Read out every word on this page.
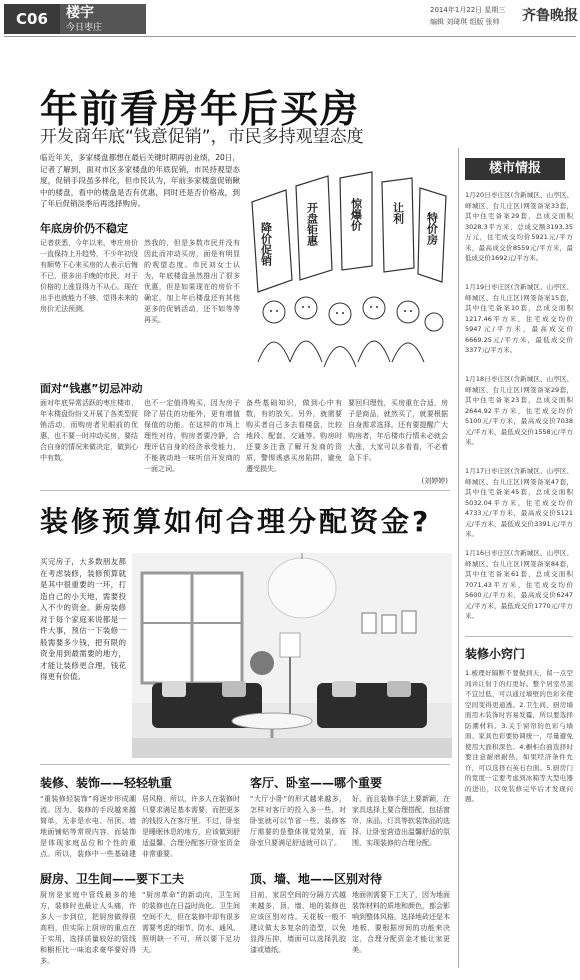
C06	楼宇
今日枣庄
2014年1月22日 星期三
编辑 刘琦琪 组版 张帅 齐鲁晚报
年前看房年后买房
开发商年底“钱意促销”，市民多持观望态度
临近年关，多家楼盘都想在最后关键时期再创业绩，20日，记者了解到，面对市区多家楼盘的年底促销，市民持观望态度，促销手段虽多样化，但市民认为，年前多家楼盘促销瞅中的楼盘，看中的楼盘是否有优惠，同时还是否价格战，到了年后促销淡季后再选择购房。
年底房价仍不稳定
记者获悉，今年以来，枣庄房价一直保持上升趋势，不少年初没有顺势下心来买房的人表示后悔不已，很多出手晚的市民，对于价格的上涨显得力不从心。现在出手也就能力不够，觉得未来的房价无法预测。
然我的，但是多数市民并没有因此而冲动买房，面是有明显的观望态度。市民刘女士认为，年底楼盘虽然推出了很多优惠，但是如果现在的房价不确定，加上年后楼盘还有其他更多的促销活动，还不如等等再买。
降价促销	开盘钜惠	惊爆价	让利 特价房
面对“钱惠”切忌冲动
面对年底异常活跃的枣庄楼市，年末楼盘纷纷又开展了各类型促销活动，而购房者见眼前的优惠，也不要一时冲动买房，要结合自身的情况来做决定，做到心中有数。
也不一定值得购买，因为房子除了居住的功能外，更有增值保值的功能。在这样的市场上理性对待，购房者要冷静，合理评估自身的经济承受能力，不能被动地一味听信开发商的一面之词。
备些基础知识，做到心中有数，有的放矢。另外，就需要购买者自己多去看楼盘，比较地段、配套、交通等。购房时还要多注意了解开发商的资质，警惕诱惑买房陷阱，避免遭受损失。
要回归理性，买房重在合适，房子是商品，就然买了，就要根据自身需求选择。还有要提醒广大购房者，年后楼市行情未必就会大涨，大家可以多看看，不必着急下手。
(刘婷婷)
装修预算如何合理分配资金?
买完房子，大多数朋友都在考虑装修，装修预算就是其中很重要的一环，打造自己的小天地，需要投入不少的资金。新房装修对于每个家庭来说都是一件大事，预估一下装修一般需要多少钱，把有限的资金用到最需要的地方，才能让装修更合理，钱花得更有价值。
装修、装饰——轻轻轨重	客厅、卧室——哪个重要
“重装修轻装饰”将逐步形成潮流。因为，装修的手段越来越简单，无非是水电、吊顶、墙地面铺贴等常规内容，而装饰是体现家庭品位和个性的重点。所以，装修中一些基础建
居风格，所以，许多人在装修时只要求满足基本需要，而把更多的钱投入在客厅里。不过，卧室是睡眠休息的地方，应该做到舒适温馨，合理分配客厅卧室资金非常重要。
“大厅小卧”的形式越来越多，怎样对客厅的投入多一些，对卧室就可以节省一些。装修客厅需要的是整体视觉效果，而卧室只要满足舒适就可以了。
好，而且装修手法上要新颖，在家具选择上要合理搭配，包括窗帘、床品、灯具等软装饰品的选择，让卧室营造出温馨舒适的氛围，实现装修的合理分配。
厨房、卫生间——要下工夫	顶、墙、地——区别对待
厨房是家庭中管线最多的地方，装修时也最让人头痛，许多人一步到位，把厨房做得很高档，但实际上厨房的重点在于实用，选择质量较好的管线和橱柜比一味追求豪华要好得多。
“厨房革命”的新动向，卫生间的装修也在日益时尚化。卫生间空间不大，但在装修中却有很多需要考虑的细节，防水、通风、照明缺一不可，所以要下足功夫。
目前，家居空间的分隔方式越来越多，顶、墙、地的装修也应该区别对待。天花板一般不建议做太多复杂的造型，以免显得压抑，墙面可以选择乳胶漆或墙纸。
地面则需要下工夫了，因为地面装饰材料的质地和颜色，都会影响到整体风格。选择地砖还是木地板，要根据房间的功能来决定，合理分配资金才能让家更美。
楼市情报
1月20日枣庄区(含新城区、山亭区、峄城区、台儿庄区)网签备案33套，其中住宅备案29套，总成交面积3028.3平方米，总成交额3193.35万元，住宅成交均价5921元/平方米，最高成交价8559元/平方米，最低成交价1692元/平方米。
1月19日枣庄区(含新城区、山亭区、峄城区、台儿庄区)网签备案15套，其中住宅备案10套，总成交面积1217.46平方米，住宅成交均价5947元/平方米，最高成交价6669.25元/平方米，最低成交价3377元/平方米。
1月18日枣庄区(含新城区、山亭区、峄城区、台儿庄区)网签备案29套，其中住宅备案23套，总成交面积2644.92平方米，住宅成交均价5100元/平方米，最高成交价7038元/平方米，最低成交价1558元/平方米。
1月17日枣庄区(含新城区、山亭区、峄城区、台儿庄区)网签备案47套，其中住宅备案45套，总成交面积5032.04平方米，住宅成交均价4733元/平方米，最高成交价5121元/平方米，最低成交价3391元/平方米。
1月16日枣庄区(含新城区、山亭区、峄城区、台儿庄区)网签备案84套，其中住宅备案61套，总成交面积7071.43平方米，住宅成交均价5600元/平方米，最高成交价6247元/平方米，最低成交价1770元/平方米。
装修小窍门
1.梳理好隔断不要做到天，留一点空间并让射于的灯更好。整个居室吊顶不宜过低，可以通过墙壁的色彩来使空间变得更通透。2.卫生间、厨房墙面用木装饰时容易发霉，所以要选择防潮材料。3.关于窗帘的色彩与墙面、家具色彩要协调统一，尽量避免使用大面积深色。4.橱柜台面选择时要注意耐磨耐热，如果经济条件允许，可以选择石英石台面。5.厨房门的宽度一定要考虑到冰箱等大型电器的进出，以免装修完毕后才发现问题。
